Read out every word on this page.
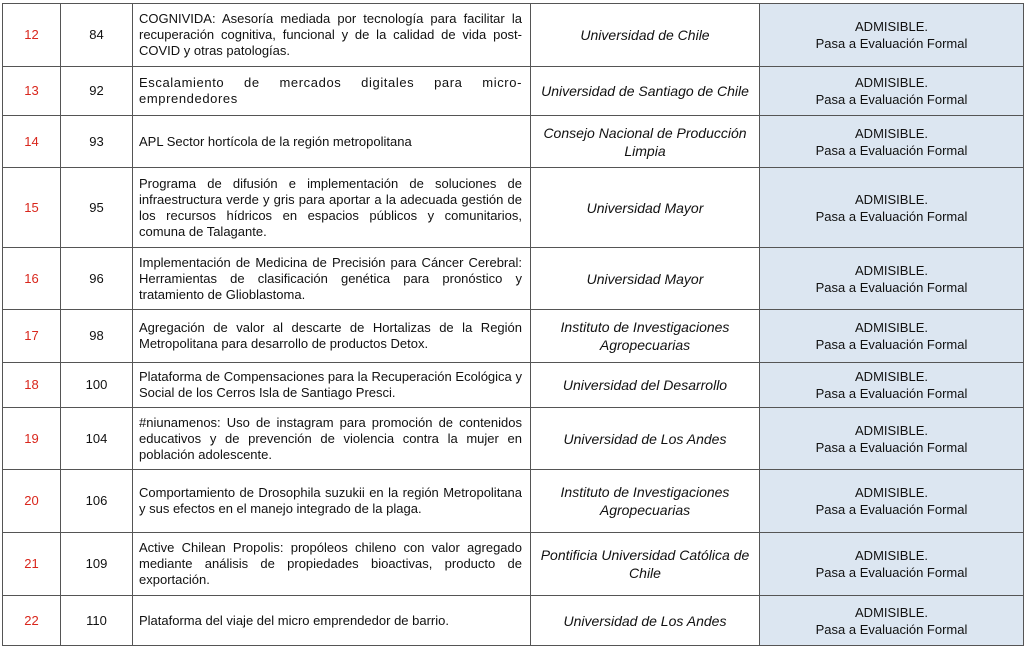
12	84	COGNIVIDA: Asesoría mediada por tecnología para facilitar la recuperación cognitiva, funcional y de la calidad de vida post-COVID y otras patologías.	Universidad de Chile	ADMISIBLE.
Pasa a Evaluación Formal

13	92	Escalamiento de mercados digitales para micro-emprendedores	Universidad de Santiago de Chile	ADMISIBLE.
Pasa a Evaluación Formal

14	93	APL Sector hortícola de la región metropolitana	Consejo Nacional de Producción Limpia	ADMISIBLE.
Pasa a Evaluación Formal

15	95	Programa de difusión e implementación de soluciones de infraestructura verde y gris para aportar a la adecuada gestión de los recursos hídricos en espacios públicos y comunitarios, comuna de Talagante.	Universidad Mayor	ADMISIBLE.
Pasa a Evaluación Formal

16	96	Implementación de Medicina de Precisión para Cáncer Cerebral: Herramientas de clasificación genética para pronóstico y tratamiento de Glioblastoma.	Universidad Mayor	ADMISIBLE.
Pasa a Evaluación Formal

17	98	Agregación de valor al descarte de Hortalizas de la Región Metropolitana para desarrollo de productos Detox.	Instituto de Investigaciones Agropecuarias	ADMISIBLE.
Pasa a Evaluación Formal

18	100	Plataforma de Compensaciones para la Recuperación Ecológica y Social de los Cerros Isla de Santiago Presci.	Universidad del Desarrollo	ADMISIBLE.
Pasa a Evaluación Formal

19	104	#niunamenos: Uso de instagram para promoción de contenidos educativos y de prevención de violencia contra la mujer en población adolescente.	Universidad de Los Andes	ADMISIBLE.
Pasa a Evaluación Formal

20	106	Comportamiento de Drosophila suzukii en la región Metropolitana y sus efectos en el manejo integrado de la plaga.	Instituto de Investigaciones Agropecuarias	ADMISIBLE.
Pasa a Evaluación Formal

21	109	Active Chilean Propolis: propóleos chileno con valor agregado mediante análisis de propiedades bioactivas, producto de exportación.	Pontificia Universidad Católica de Chile	ADMISIBLE.
Pasa a Evaluación Formal

22	110	Plataforma del viaje del micro emprendedor de barrio.	Universidad de Los Andes	ADMISIBLE.
Pasa a Evaluación Formal
